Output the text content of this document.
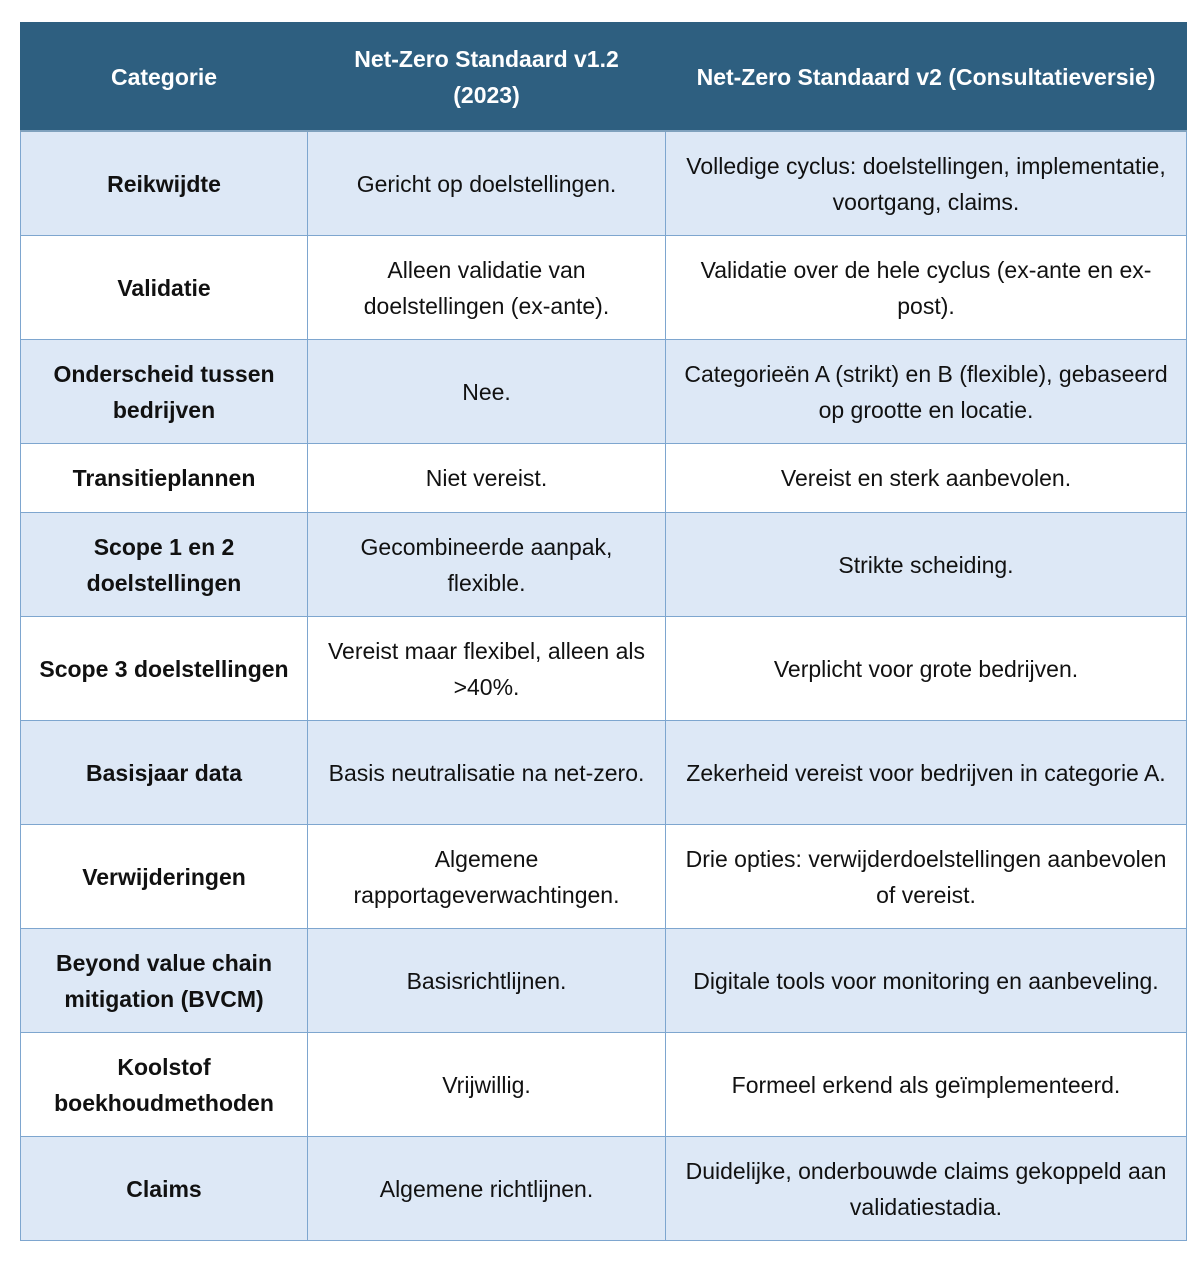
Categorie	Net-Zero Standaard v1.2 (2023)	Net-Zero Standaard v2 (Consultatieversie)
Reikwijdte	Gericht op doelstellingen.	Volledige cyclus: doelstellingen, implementatie, voortgang, claims.
Validatie	Alleen validatie van doelstellingen (ex-ante).	Validatie over de hele cyclus (ex-ante en ex-post).
Onderscheid tussen bedrijven	Nee.	Categorieën A (strikt) en B (flexible), gebaseerd op grootte en locatie.
Transitieplannen	Niet vereist.	Vereist en sterk aanbevolen.
Scope 1 en 2 doelstellingen	Gecombineerde aanpak, flexible.	Strikte scheiding.
Scope 3 doelstellingen	Vereist maar flexibel, alleen als >40%.	Verplicht voor grote bedrijven.
Basisjaar data	Basis neutralisatie na net-zero.	Zekerheid vereist voor bedrijven in categorie A.
Verwijderingen	Algemene rapportageverwachtingen.	Drie opties: verwijderdoelstellingen aanbevolen of vereist.
Beyond value chain mitigation (BVCM)	Basisrichtlijnen.	Digitale tools voor monitoring en aanbeveling.
Koolstof boekhoudmethoden	Vrijwillig.	Formeel erkend als geïmplementeerd.
Claims	Algemene richtlijnen.	Duidelijke, onderbouwde claims gekoppeld aan validatiestadia.
